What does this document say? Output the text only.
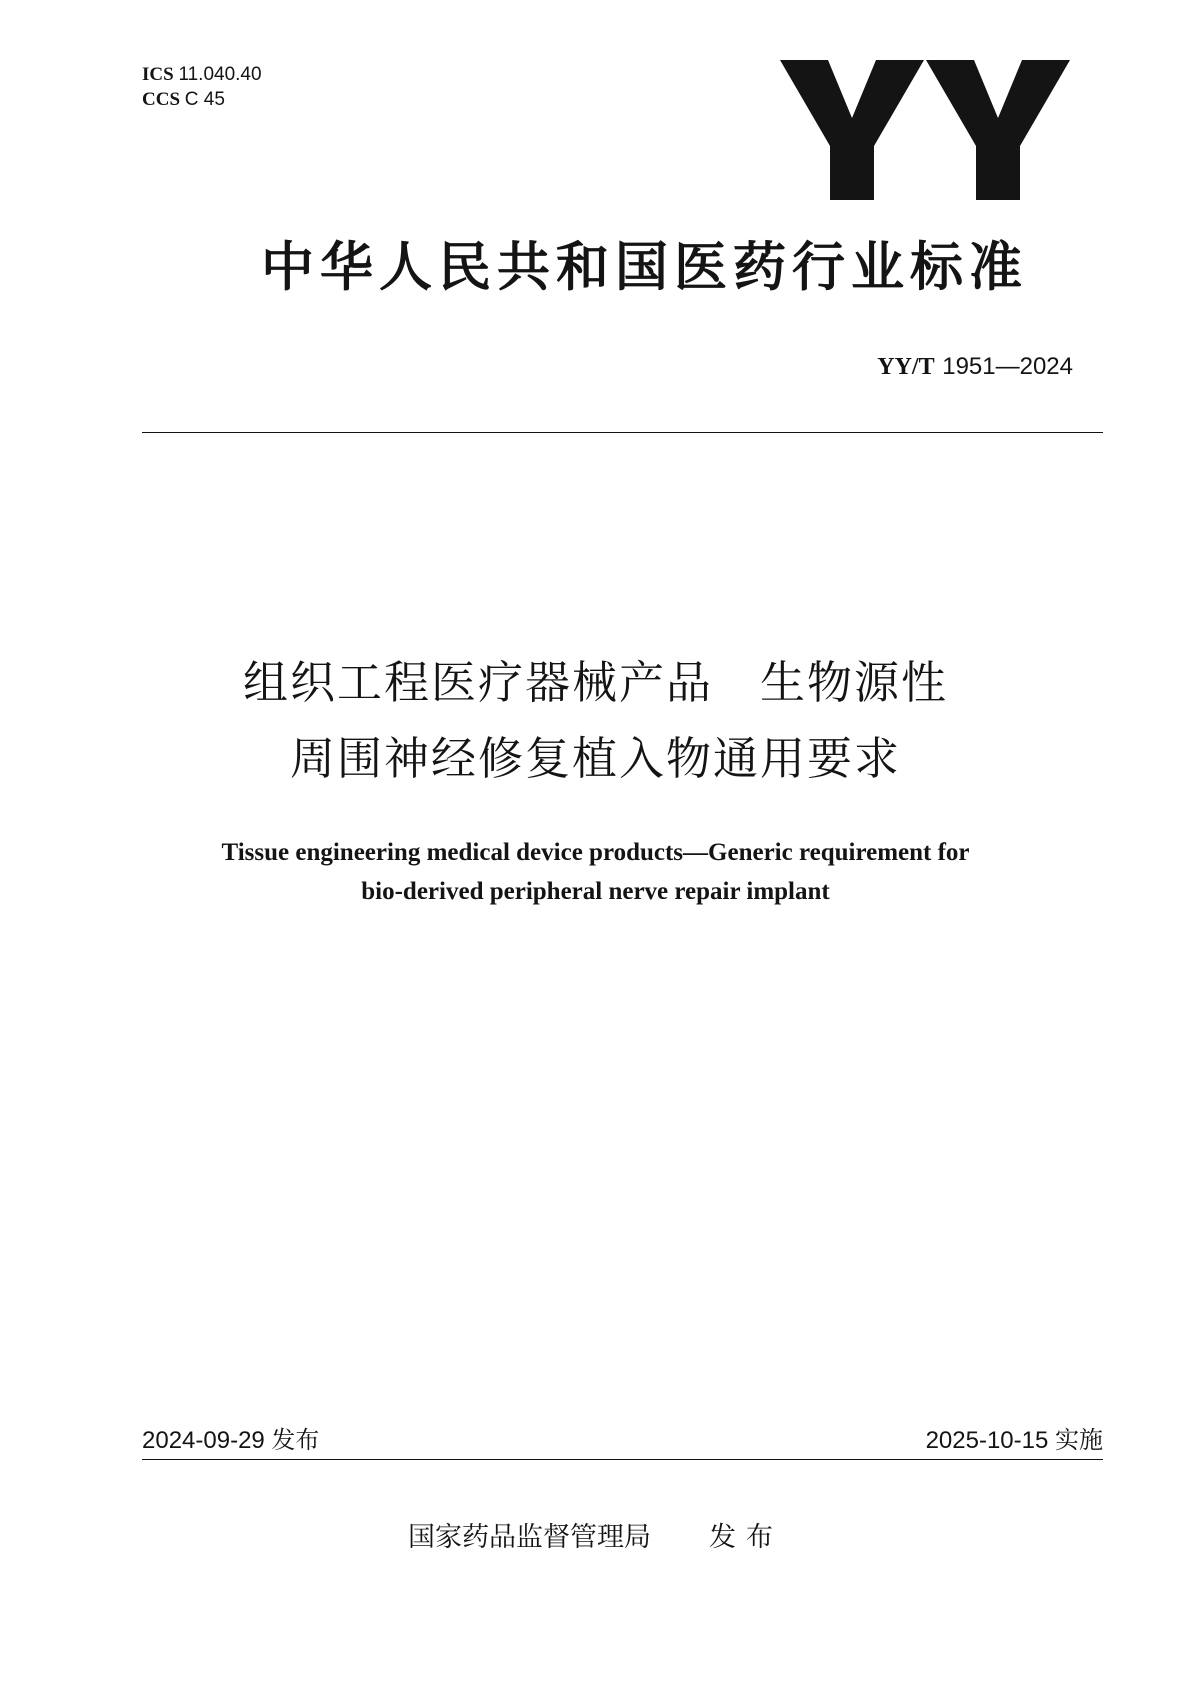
ICS 11.040.40
CCS C 45
中华人民共和国医药行业标准
YY/T 1951—2024
组织工程医疗器械产品　生物源性
周围神经修复植入物通用要求
Tissue engineering medical device products—Generic requirement for
bio-derived peripheral nerve repair implant
2024-09-29 发布	2025-10-15 实施
国家药品监督管理局 发布
